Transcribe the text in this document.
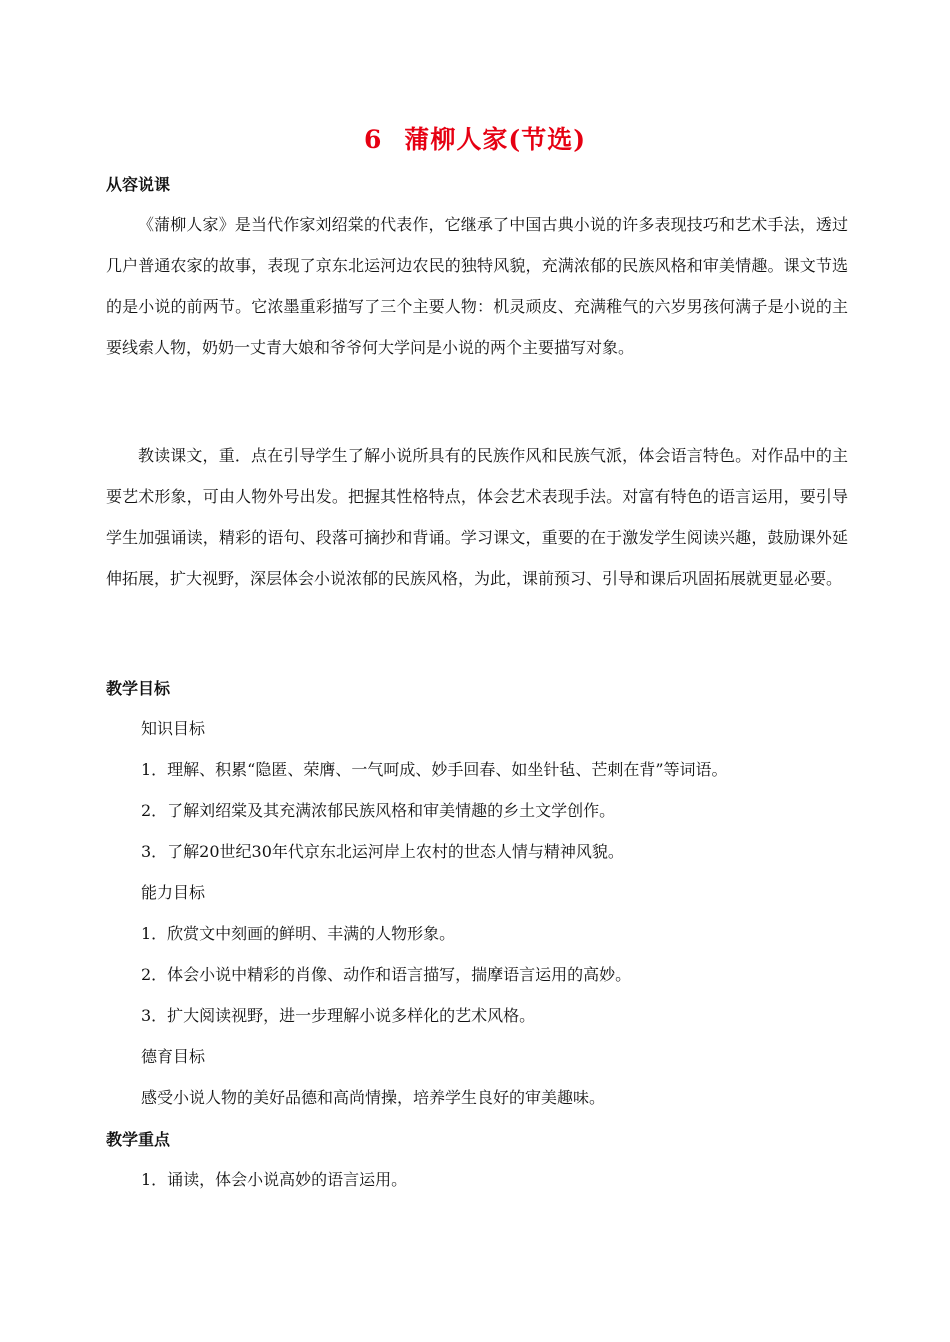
6 蒲柳人家(节选)
从容说课

《蒲柳人家》是当代作家刘绍棠的代表作，它继承了中国古典小说的许多表现技巧和艺术手法，透过几户普通农家的故事，表现了京东北运河边农民的独特风貌，充满浓郁的民族风格和审美情趣。课文节选的是小说的前两节。它浓墨重彩描写了三个主要人物：机灵顽皮、充满稚气的六岁男孩何满子是小说的主要线索人物，奶奶一丈青大娘和爷爷何大学问是小说的两个主要描写对象。

教读课文，重．点在引导学生了解小说所具有的民族作风和民族气派，体会语言特色。对作品中的主要艺术形象，可由人物外号出发。把握其性格特点，体会艺术表现手法。对富有特色的语言运用，要引导学生加强诵读，精彩的语句、段落可摘抄和背诵。学习课文，重要的在于激发学生阅读兴趣，鼓励课外延伸拓展，扩大视野，深层体会小说浓郁的民族风格，为此，课前预习、引导和课后巩固拓展就更显必要。

教学目标
知识目标
1．理解、积累“隐匿、荣膺、一气呵成、妙手回春、如坐针毡、芒刺在背”等词语。
2．了解刘绍棠及其充满浓郁民族风格和审美情趣的乡土文学创作。
3．了解20世纪30年代京东北运河岸上农村的世态人情与精神风貌。
能力目标
1．欣赏文中刻画的鲜明、丰满的人物形象。
2．体会小说中精彩的肖像、动作和语言描写，揣摩语言运用的高妙。
3．扩大阅读视野，进一步理解小说多样化的艺术风格。
德育目标
感受小说人物的美好品德和高尚情操，培养学生良好的审美趣味。
教学重点
1．诵读，体会小说高妙的语言运用。
